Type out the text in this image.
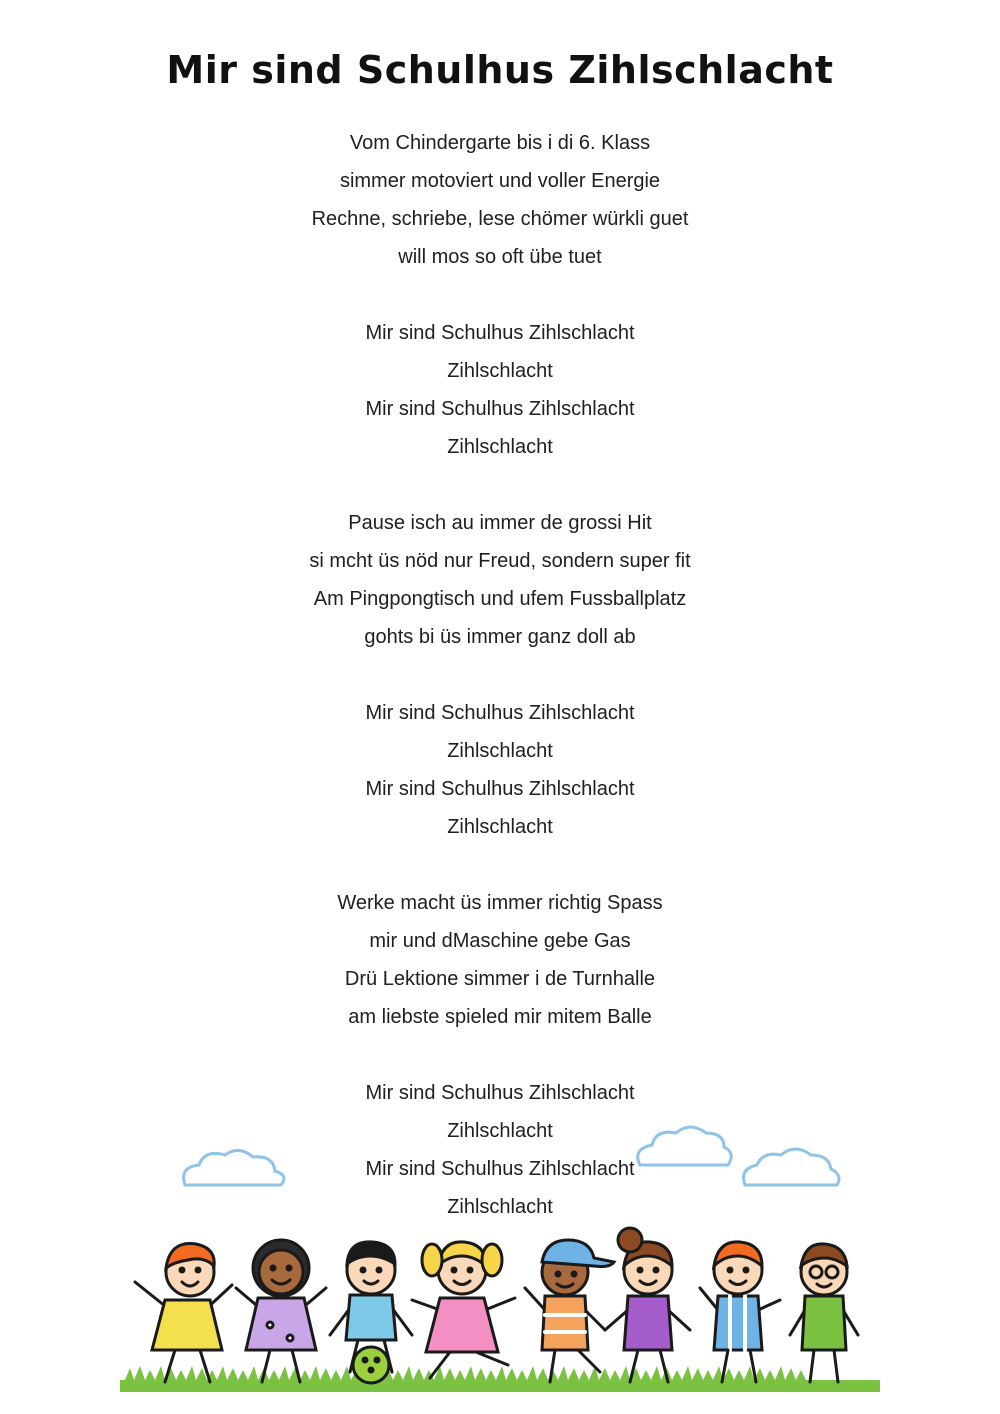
Mir sind Schulhus Zihlschlacht
Vom Chindergarte bis i di 6. Klass
simmer motoviert und voller Energie
Rechne, schriebe, lese chömer würkli guet
will mos so oft übe tuet
Mir sind Schulhus Zihlschlacht
Zihlschlacht
Mir sind Schulhus Zihlschlacht
Zihlschlacht
Pause isch au immer de grossi Hit
si mcht üs nöd nur Freud, sondern super fit
Am Pingpongtisch und ufem Fussballplatz
gohts bi üs immer ganz doll ab
Mir sind Schulhus Zihlschlacht
Zihlschlacht
Mir sind Schulhus Zihlschlacht
Zihlschlacht
Werke macht üs immer richtig Spass
mir und dMaschine gebe Gas
Drü Lektione simmer i de Turnhalle
am liebste spieled mir mitem Balle
Mir sind Schulhus Zihlschlacht
Zihlschlacht
Mir sind Schulhus Zihlschlacht
Zihlschlacht
